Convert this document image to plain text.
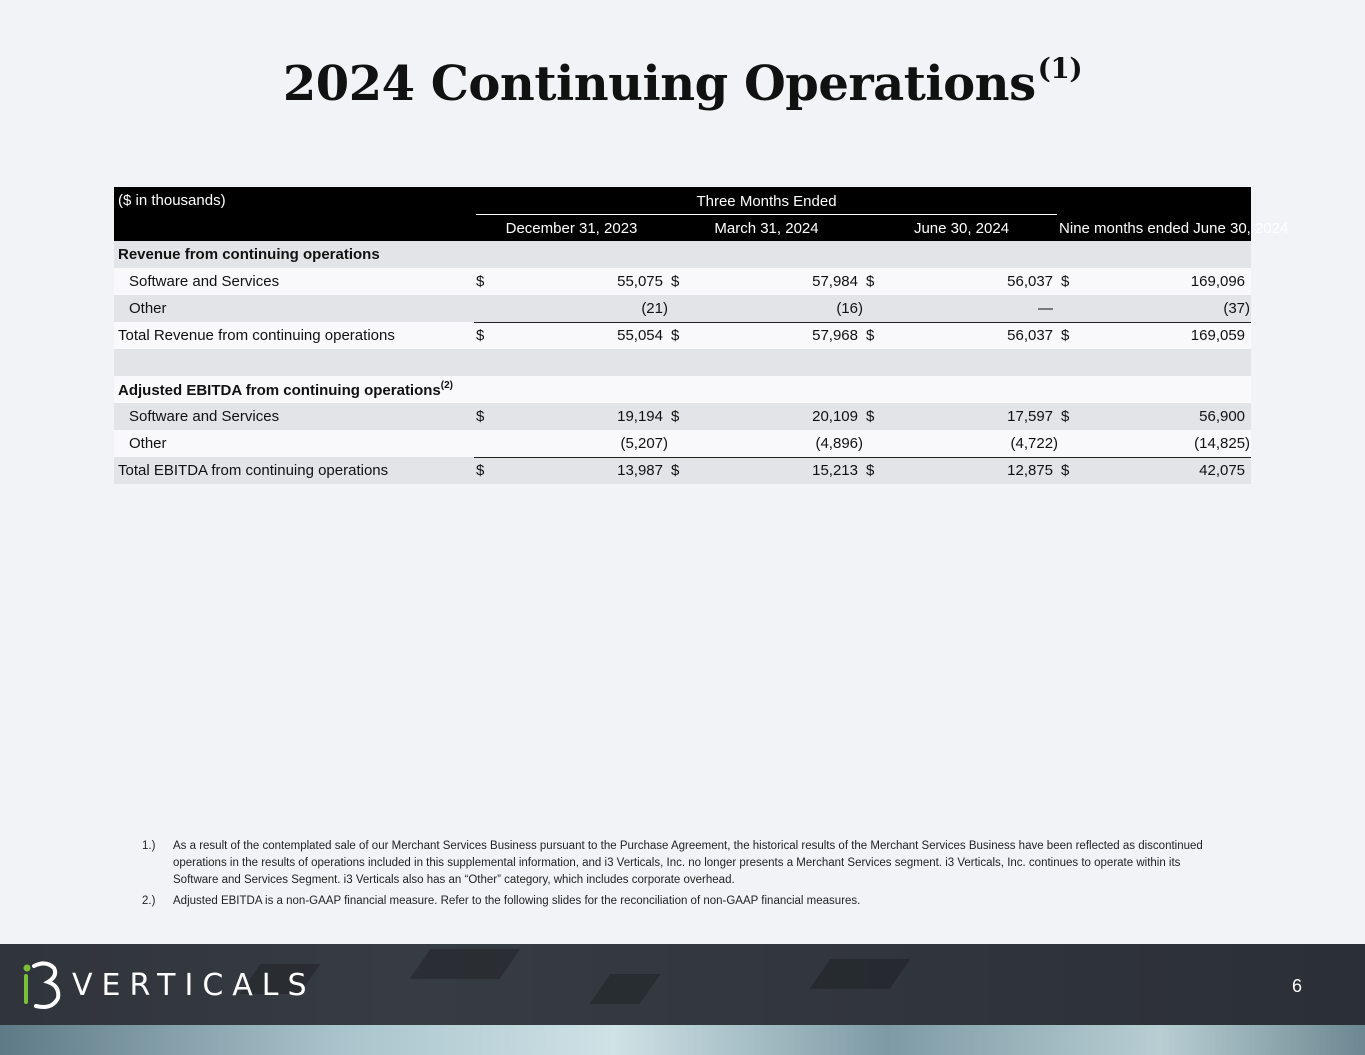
2024 Continuing Operations$^{(1)}$
($ in thousands)	Three Months Ended						Nine months ended June 30, 2024	
	December 31, 2023		March 31, 2024		June 30, 2024			
Revenue from continuing operations								
Software and Services	$	55,075	$	57,984	$	56,037	$	169,096
Other		(21)		(16)		—		(37)
Total Revenue from continuing operations	$	55,054	$	57,968	$	56,037	$	169,059

Adjusted EBITDA from continuing operations$^{(2)}$	
Software and Services	$	19,194	$	20,109	$	17,597	$	56,900
Other		(5,207)		(4,896)		(4,722)		(14,825)
Total EBITDA from continuing operations	$	13,987	$	15,213	$	12,875	$	42,075
1.)	As a result of the contemplated sale of our Merchant Services Business pursuant to the Purchase Agreement, the historical results of the Merchant Services Business have been reflected as discontinued operations in the results of operations included in this supplemental information, and i3 Verticals, Inc. no longer presents a Merchant Services segment. i3 Verticals, Inc. continues to operate within its Software and Services Segment. i3 Verticals also has an “Other” category, which includes corporate overhead.
2.)	Adjusted EBITDA is a non-GAAP financial measure. Refer to the following slides for the reconciliation of non-GAAP financial measures.
VERTICALS	6
